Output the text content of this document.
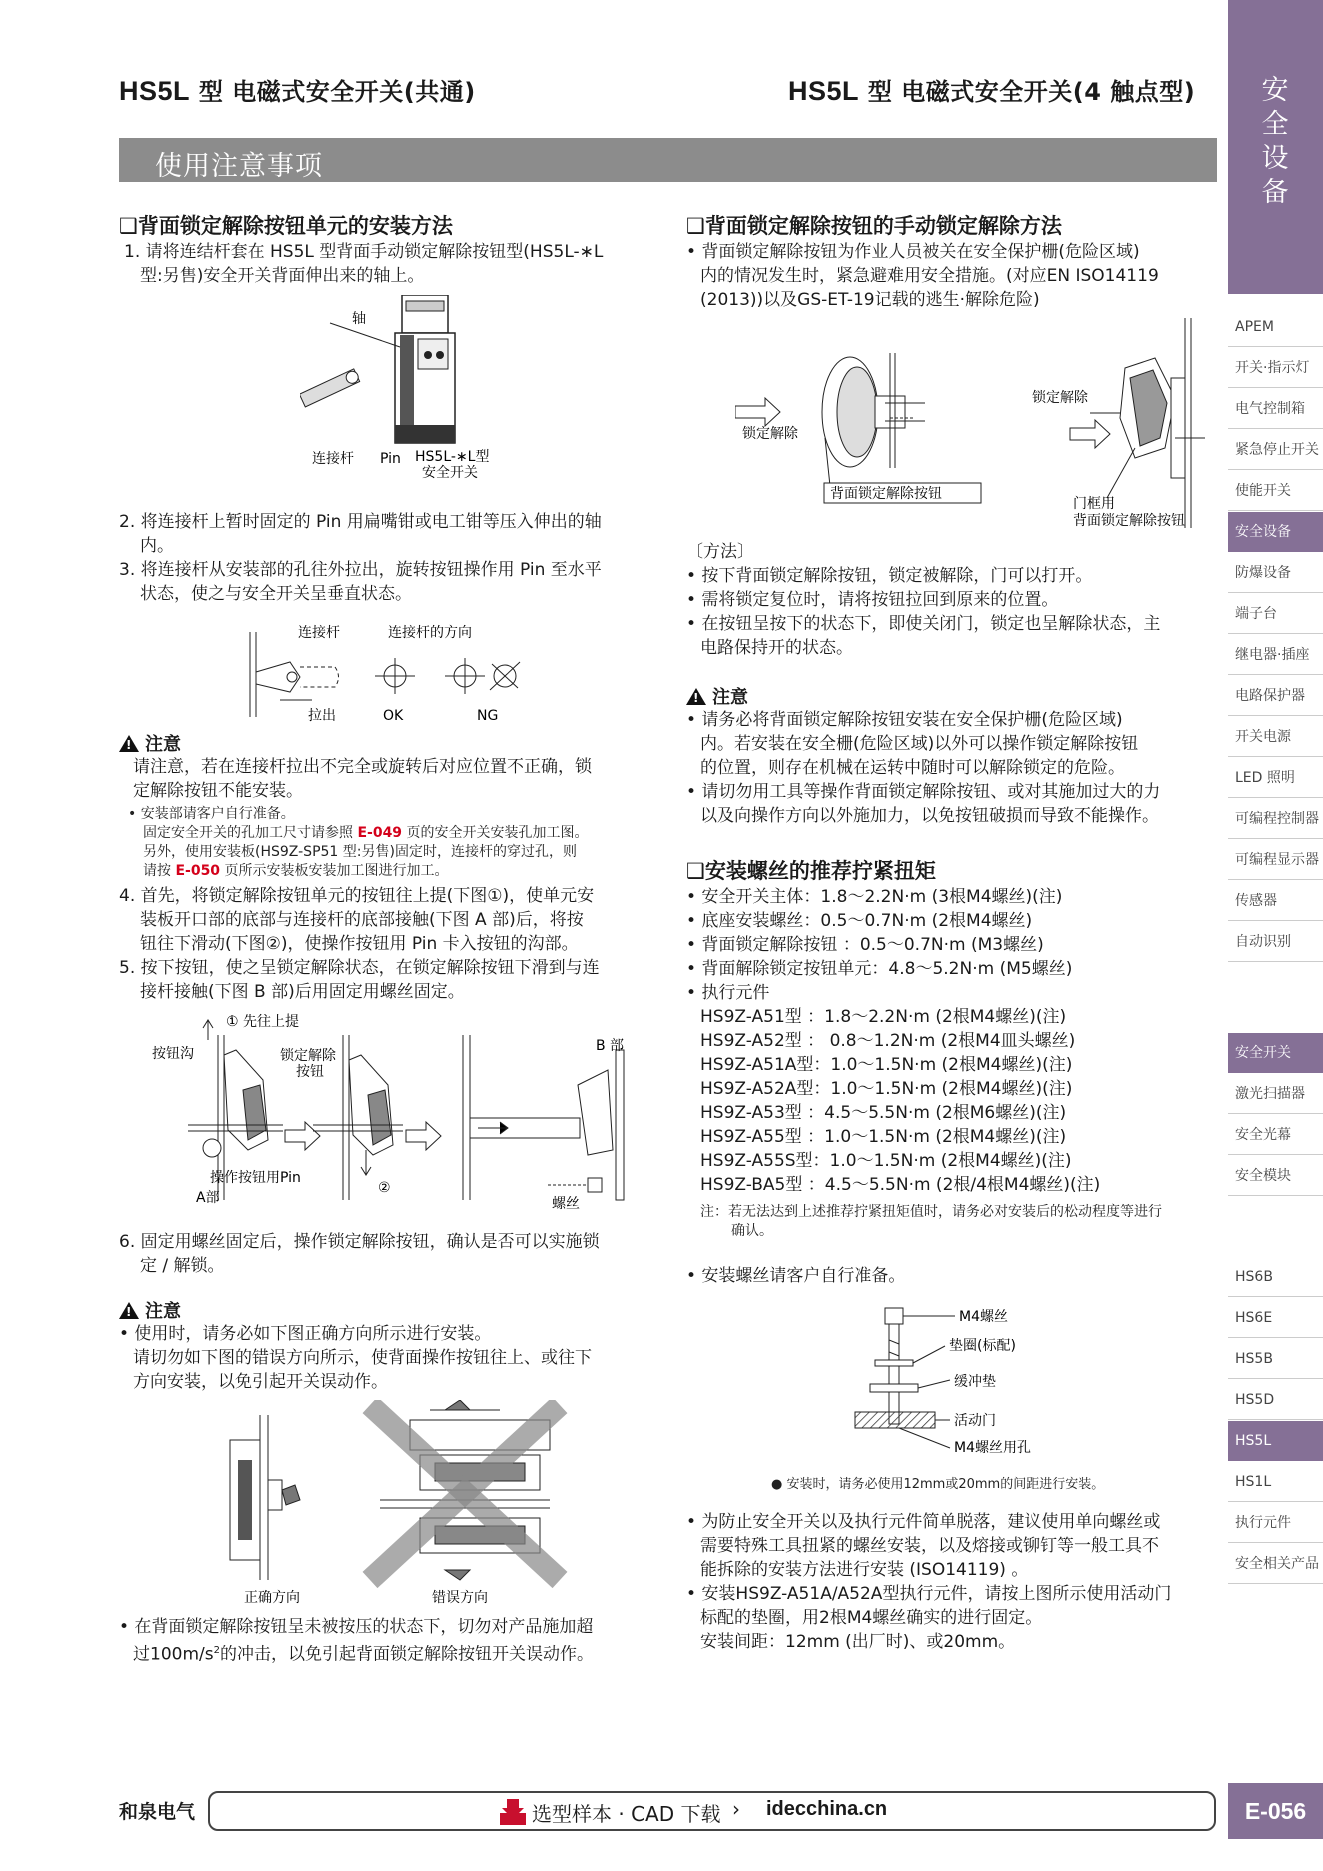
HS5L 型 电磁式安全开关(共通)	HS5L 型 电磁式安全开关(4 触点型)
使用注意事项
安全设备
APEM
开关·指示灯
电气控制箱
紧急停止开关
使能开关
安全设备
防爆设备
端子台
继电器·插座
电路保护器
开关电源
LED 照明
可编程控制器
可编程显示器
传感器
自动识别
安全开关
激光扫描器
安全光幕
安全模块
HS6B
HS6E
HS5B
HS5D
HS5L
HS1L
执行元件
安全相关产品
❑背面锁定解除按钮单元的安装方法
1. 请将连结杆套在 HS5L 型背面手动锁定解除按钮型(HS5L-∗L
型:另售)安全开关背面伸出来的轴上。
轴
连接杆 Pin HS5L-∗L型
安全开关
2. 将连接杆上暂时固定的 Pin 用扁嘴钳或电工钳等压入伸出的轴
内。
3. 将连接杆从安装部的孔往外拉出，旋转按钮操作用 Pin 至水平
状态，使之与安全开关呈垂直状态。
连接杆	连接杆的方向
拉出	OK	NG
!注意
请注意，若在连接杆拉出不完全或旋转后对应位置不正确，锁
定解除按钮不能安装。
• 安装部请客户自行准备。
固定安全开关的孔加工尺寸请参照 E-049 页的安全开关安装孔加工图。
另外，使用安装板(HS9Z-SP51 型:另售)固定时，连接杆的穿过孔，则
请按 E-050 页所示安装板安装加工图进行加工。
4. 首先，将锁定解除按钮单元的按钮往上提(下图①)，使单元安
装板开口部的底部与连接杆的底部接触(下图 A 部)后，将按
钮往下滑动(下图②)，使操作按钮用 Pin 卡入按钮的沟部。
5. 按下按钮，使之呈锁定解除状态，在锁定解除按钮下滑到与连
接杆接触(下图 B 部)后用固定用螺丝固定。
① 先往上提
按钮沟	锁定解除
按钮
操作按钮用Pin
A部
②
B 部
螺丝
6. 固定用螺丝固定后，操作锁定解除按钮，确认是否可以实施锁
定 / 解锁。
!注意
• 使用时，请务必如下图正确方向所示进行安装。
请切勿如下图的错误方向所示，使背面操作按钮往上、或往下
方向安装，以免引起开关误动作。
正确方向	错误方向
• 在背面锁定解除按钮呈未被按压的状态下，切勿对产品施加超
过$100m/s^2$的冲击，以免引起背面锁定解除按钮开关误动作。
❑背面锁定解除按钮的手动锁定解除方法
• 背面锁定解除按钮为作业人员被关在安全保护栅(危险区域)
内的情况发生时，紧急避难用安全措施。(对应EN ISO14119
(2013))以及GS-ET-19记载的逃生·解除危险)
锁定解除
背面锁定解除按钮
锁定解除
门框用
背面锁定解除按钮
〔方法〕
• 按下背面锁定解除按钮，锁定被解除，门可以打开。
• 需将锁定复位时，请将按钮拉回到原来的位置。
• 在按钮呈按下的状态下，即使关闭门，锁定也呈解除状态，主
电路保持开的状态。
!注意
• 请务必将背面锁定解除按钮安装在安全保护栅(危险区域)
内。若安装在安全栅(危险区域)以外可以操作锁定解除按钮
的位置，则存在机械在运转中随时可以解除锁定的危险。
• 请切勿用工具等操作背面锁定解除按钮、或对其施加过大的力
以及向操作方向以外施加力，以免按钮破损而导致不能操作。
❑安装螺丝的推荐拧紧扭矩
• 安全开关主体：1.8～2.2N·m (3根M4螺丝)(注)
• 底座安装螺丝：0.5～0.7N·m (2根M4螺丝)
• 背面锁定解除按钮 ：0.5～0.7N·m (M3螺丝)
• 背面解除锁定按钮单元：4.8～5.2N·m (M5螺丝)
• 执行元件
HS9Z-A51型 ：1.8～2.2N·m (2根M4螺丝)(注)
HS9Z-A52型 ： 0.8～1.2N·m (2根M4皿头螺丝)
HS9Z-A51A型：1.0～1.5N·m (2根M4螺丝)(注)
HS9Z-A52A型：1.0～1.5N·m (2根M4螺丝)(注)
HS9Z-A53型 ：4.5～5.5N·m (2根M6螺丝)(注)
HS9Z-A55型 ：1.0～1.5N·m (2根M4螺丝)(注)
HS9Z-A55S型：1.0～1.5N·m (2根M4螺丝)(注)
HS9Z-BA5型 ：4.5～5.5N·m (2根/4根M4螺丝)(注)
注：若无法达到上述推荐拧紧扭矩值时，请务必对安装后的松动程度等进行
确认。
• 安装螺丝请客户自行准备。
M4螺丝
垫圈(标配)
缓冲垫
活动门
M4螺丝用孔
● 安装时，请务必使用12mm或20mm的间距进行安装。
• 为防止安全开关以及执行元件简单脱落，建议使用单向螺丝或
需要特殊工具扭紧的螺丝安装，以及熔接或铆钉等一般工具不
能拆除的安装方法进行安装 (ISO14119) 。
• 安装HS9Z-A51A/A52A型执行元件，请按上图所示使用活动门
标配的垫圈，用2根M4螺丝确实的进行固定。
安装间距：12mm (出厂时)、或20mm。
和泉电气	选型样本 · CAD 下载 › idecchina.cn	E-056
